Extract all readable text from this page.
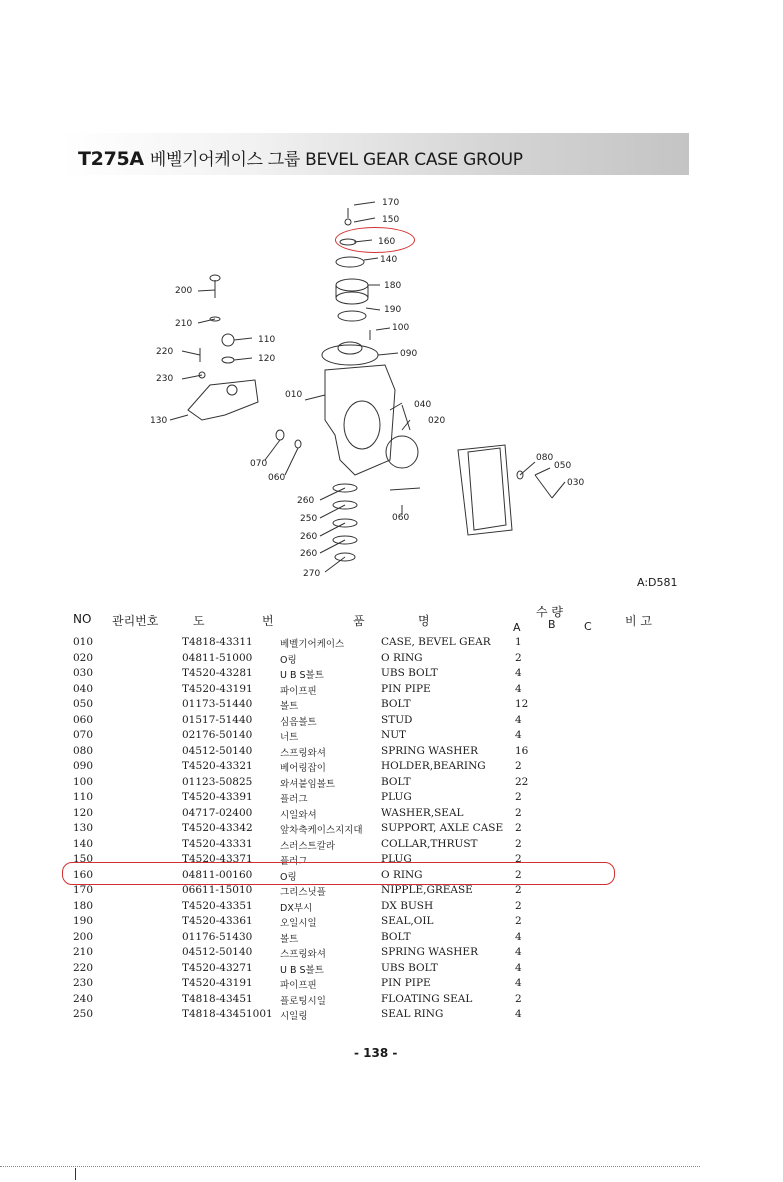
T275A 베벨기어케이스 그룹 BEVEL GEAR CASE GROUP
170
150
160
140
180
190
100
090
010
040
020
200
210
110
120
220
230
130
070
060
260
250
260
260
270
080
050
030
060
A:D581
NO 관리번호	도	번	품	명
수 량
A B	C	비 고
010	T4818-43311	베벨기어케이스	CASE, BEVEL GEAR 1
020	04811-51000	O링	O RING	2
030	T4520-43281	U B S볼트	UBS BOLT	4
040	T4520-43191	파이프핀	PIN PIPE	4
050	01173-51440	볼트	BOLT	12
060	01517-51440	심음볼트	STUD	4
070	02176-50140	너트	NUT	4
080	04512-50140	스프링와셔	SPRING WASHER	16
090	T4520-43321	베어링잡이	HOLDER,BEARING	2
100	01123-50825	와셔붙임볼트	BOLT	22
110	T4520-43391	플러그	PLUG	2
120	04717-02400	시일와셔	WASHER,SEAL	2
130	T4520-43342	앞차축케이스지지대 SUPPORT, AXLE CASE 2
140	T4520-43331	스러스트칼라	COLLAR,THRUST	2
150	T4520-43371	플러그	PLUG	2
160	04811-00160	O링	O RING	2
170	06611-15010	그리스닛플	NIPPLE,GREASE	2
180	T4520-43351	DX부시	DX BUSH	2
190	T4520-43361	오일시일	SEAL,OIL	2
200	01176-51430	볼트	BOLT	4
210	04512-50140	스프링와셔	SPRING WASHER	4
220	T4520-43271	U B S볼트	UBS BOLT	4
230	T4520-43191	파이프핀	PIN PIPE	4
240	T4818-43451	플로팅시일	FLOATING SEAL	2
250	T4818-43451001 시일링	SEAL RING	4
- 138 -
